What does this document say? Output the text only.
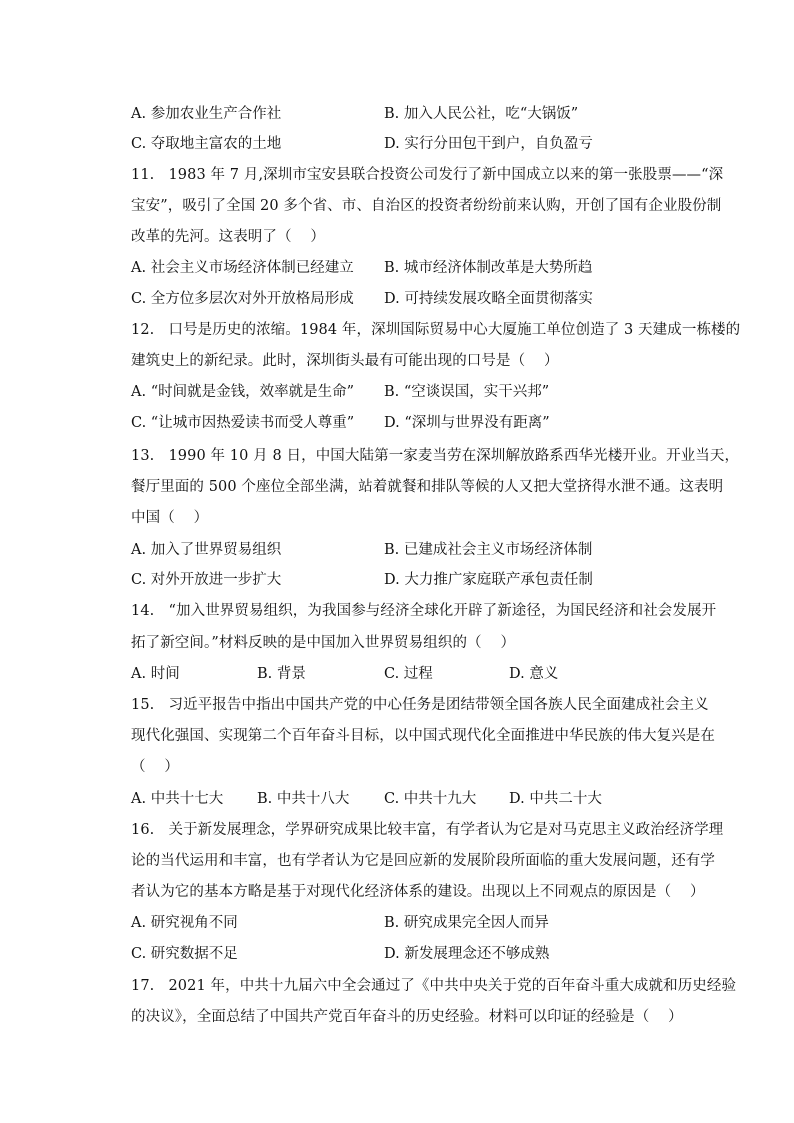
A. 参加农业生产合作社	B. 加入人民公社，吃“大锅饭”
C. 夺取地主富农的土地	D. 实行分田包干到户，自负盈亏
11.   1983 年 7 月,深圳市宝安县联合投资公司发行了新中国成立以来的第一张股票——“深
宝安”，吸引了全国 20 多个省、市、自治区的投资者纷纷前来认购，开创了国有企业股份制
改革的先河。这表明了（    ）
A. 社会主义市场经济体制已经建立 B. 城市经济体制改革是大势所趋
C. 全方位多层次对外开放格局形成 D. 可持续发展攻略全面贯彻落实
12.   口号是历史的浓缩。1984 年，深圳国际贸易中心大厦施工单位创造了 3 天建成一栋楼的
建筑史上的新纪录。此时，深圳街头最有可能出现的口号是（    ）
A. “时间就是金钱，效率就是生命” B. “空谈误国，实干兴邦”
C. “让城市因热爱读书而受人尊重” D. “深圳与世界没有距离”
13.   1990 年 10 月 8 日，中国大陆第一家麦当劳在深圳解放路系西华光楼开业。开业当天，
餐厅里面的 500 个座位全部坐满，站着就餐和排队等候的人又把大堂挤得水泄不通。这表明
中国（    ）
A. 加入了世界贸易组织	B. 已建成社会主义市场经济体制
C. 对外开放进一步扩大	D. 大力推广家庭联产承包责任制
14.   “加入世界贸易组织，为我国参与经济全球化开辟了新途径，为国民经济和社会发展开
拓了新空间。”材料反映的是中国加入世界贸易组织的（    ）
A. 时间	B. 背景	C. 过程	D. 意义
15.   习近平报告中指出中国共产党的中心任务是团结带领全国各族人民全面建成社会主义
现代化强国、实现第二个百年奋斗目标，以中国式现代化全面推进中华民族的伟大复兴是在
（    ）
A. 中共十七大 B. 中共十八大 C. 中共十九大 D. 中共二十大
16.   关于新发展理念，学界研究成果比较丰富，有学者认为它是对马克思主义政治经济学理
论的当代运用和丰富，也有学者认为它是回应新的发展阶段所面临的重大发展问题，还有学
者认为它的基本方略是基于对现代化经济体系的建设。出现以上不同观点的原因是（    ）
A. 研究视角不同	B. 研究成果完全因人而异
C. 研究数据不足	D. 新发展理念还不够成熟
17.   2021 年，中共十九届六中全会通过了《中共中央关于党的百年奋斗重大成就和历史经验
的决议》，全面总结了中国共产党百年奋斗的历史经验。材料可以印证的经验是（    ）
